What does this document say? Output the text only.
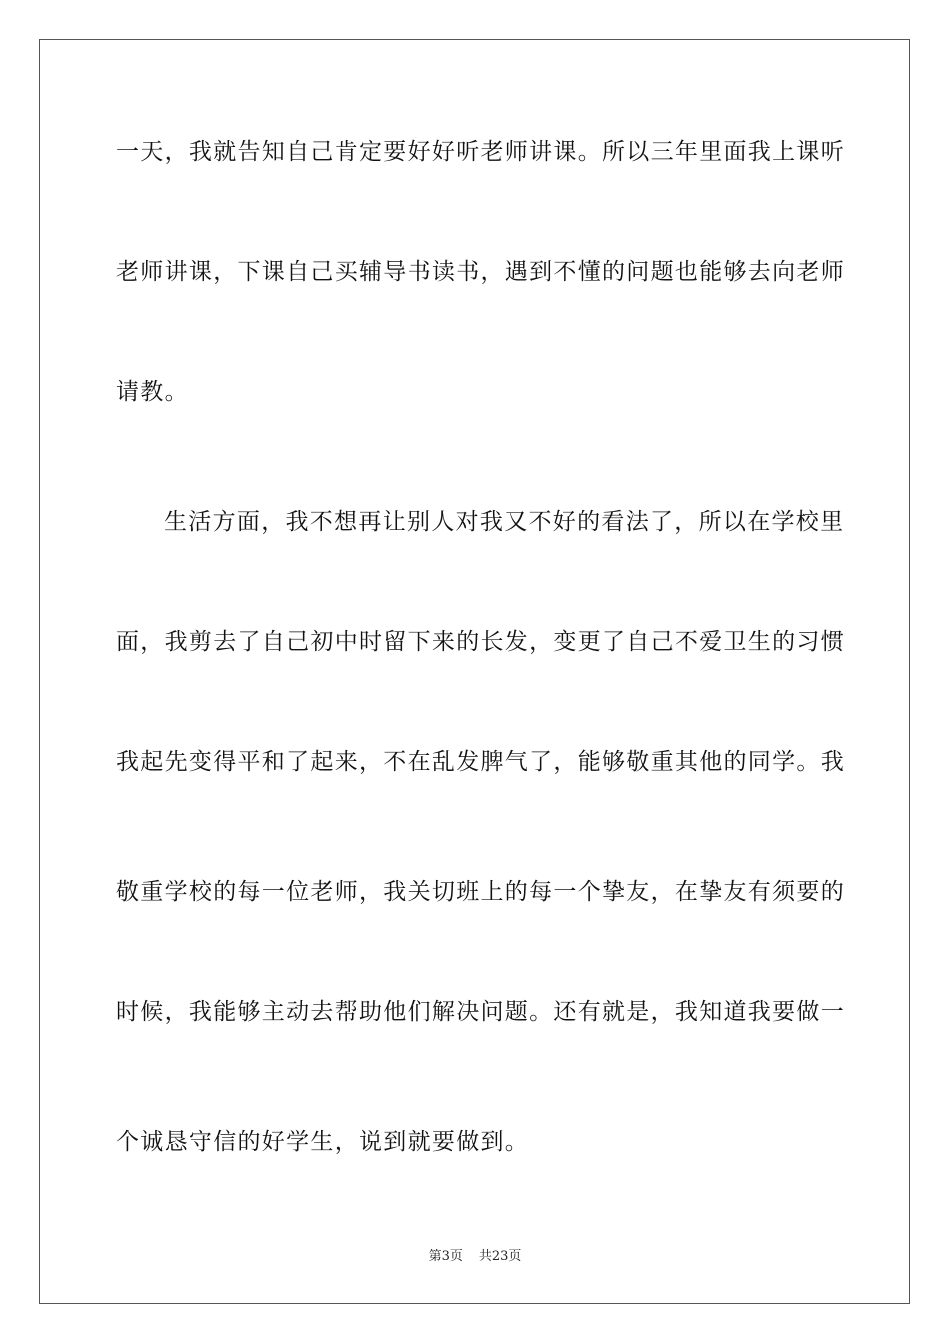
一天，我就告知自己肯定要好好听老师讲课。所以三年里面我上课听
老师讲课，下课自己买辅导书读书，遇到不懂的问题也能够去向老师
请教。
生活方面，我不想再让别人对我又不好的看法了，所以在学校里
面，我剪去了自己初中时留下来的长发，变更了自己不爱卫生的习惯
我起先变得平和了起来，不在乱发脾气了，能够敬重其他的同学。我
敬重学校的每一位老师，我关切班上的每一个挚友，在挚友有须要的
时候，我能够主动去帮助他们解决问题。还有就是，我知道我要做一
个诚恳守信的好学生，说到就要做到。
第3页 共23页
